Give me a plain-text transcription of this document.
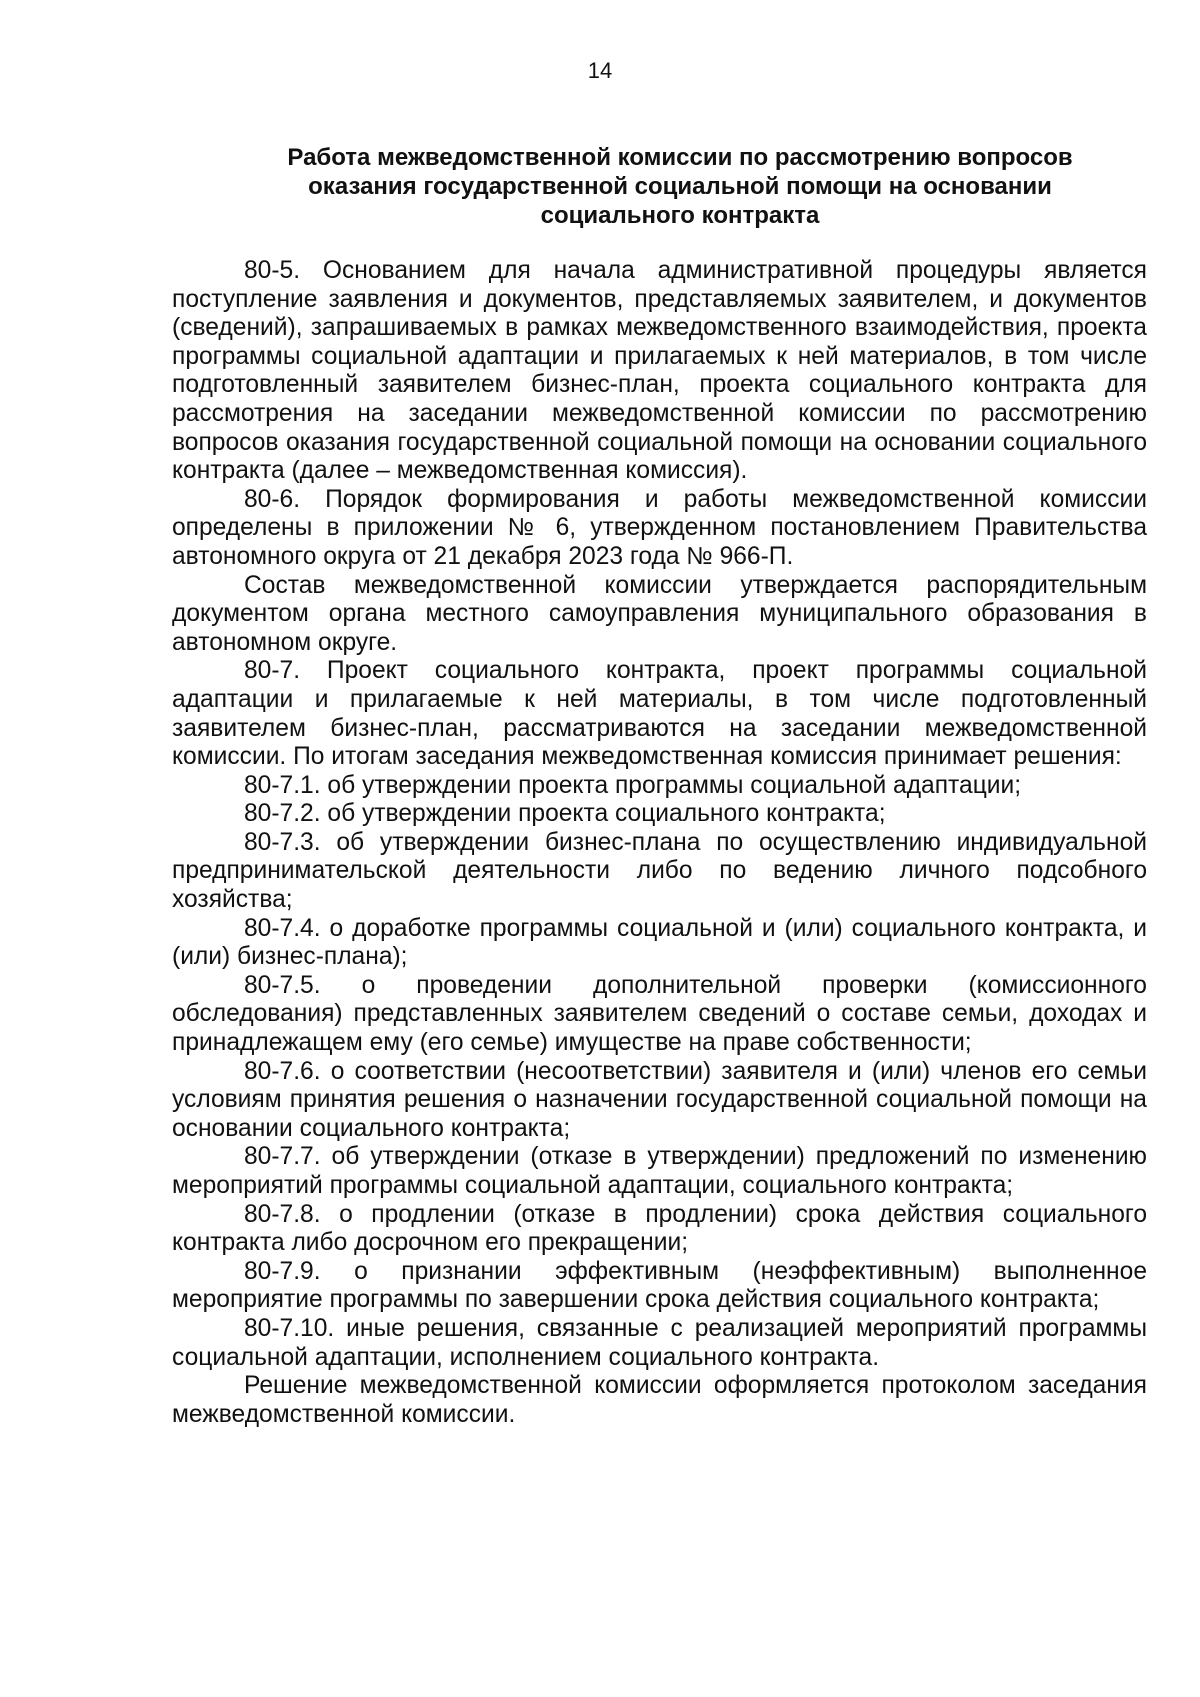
14
Работа межведомственной комиссии по рассмотрению вопросов
оказания государственной социальной помощи на основании
социального контракта

80-5. Основанием для начала административной процедуры является поступление заявления и документов, представляемых заявителем, и документов (сведений), запрашиваемых в рамках межведомственного взаимодействия, проекта программы социальной адаптации и прилагаемых к ней материалов, в том числе подготовленный заявителем бизнес-план, проекта социального контракта для рассмотрения на заседании межведомственной комиссии по рассмотрению вопросов оказания государственной социальной помощи на основании социального контракта (далее – межведомственная комиссия).

80-6. Порядок формирования и работы межведомственной комиссии определены в приложении № 6, утвержденном постановлением Правительства автономного округа от 21 декабря 2023 года № 966-П.

Состав межведомственной комиссии утверждается распорядительным документом органа местного самоуправления муниципального образования в автономном округе.

80-7. Проект социального контракта, проект программы социальной адаптации и прилагаемые к ней материалы, в том числе подготовленный заявителем бизнес-план, рассматриваются на заседании межведомственной комиссии. По итогам заседания межведомственная комиссия принимает решения:

80-7.1. об утверждении проекта программы социальной адаптации;

80-7.2. об утверждении проекта социального контракта;

80-7.3. об утверждении бизнес-плана по осуществлению индивидуальной предпринимательской деятельности либо по ведению личного подсобного хозяйства;

80-7.4. о доработке программы социальной и (или) социального контракта, и (или) бизнес-плана);

80-7.5. о проведении дополнительной проверки (комиссионного обследования) представленных заявителем сведений о составе семьи, доходах и принадлежащем ему (его семье) имуществе на праве собственности;

80-7.6. о соответствии (несоответствии) заявителя и (или) членов его семьи условиям принятия решения о назначении государственной социальной помощи на основании социального контракта;

80-7.7. об утверждении (отказе в утверждении) предложений по изменению мероприятий программы социальной адаптации, социального контракта;

80-7.8. о продлении (отказе в продлении) срока действия социального контракта либо досрочном его прекращении;

80-7.9. о признании эффективным (неэффективным) выполненное мероприятие программы по завершении срока действия социального контракта;

80-7.10. иные решения, связанные с реализацией мероприятий программы социальной адаптации, исполнением социального контракта.

Решение межведомственной комиссии оформляется протоколом заседания межведомственной комиссии.
